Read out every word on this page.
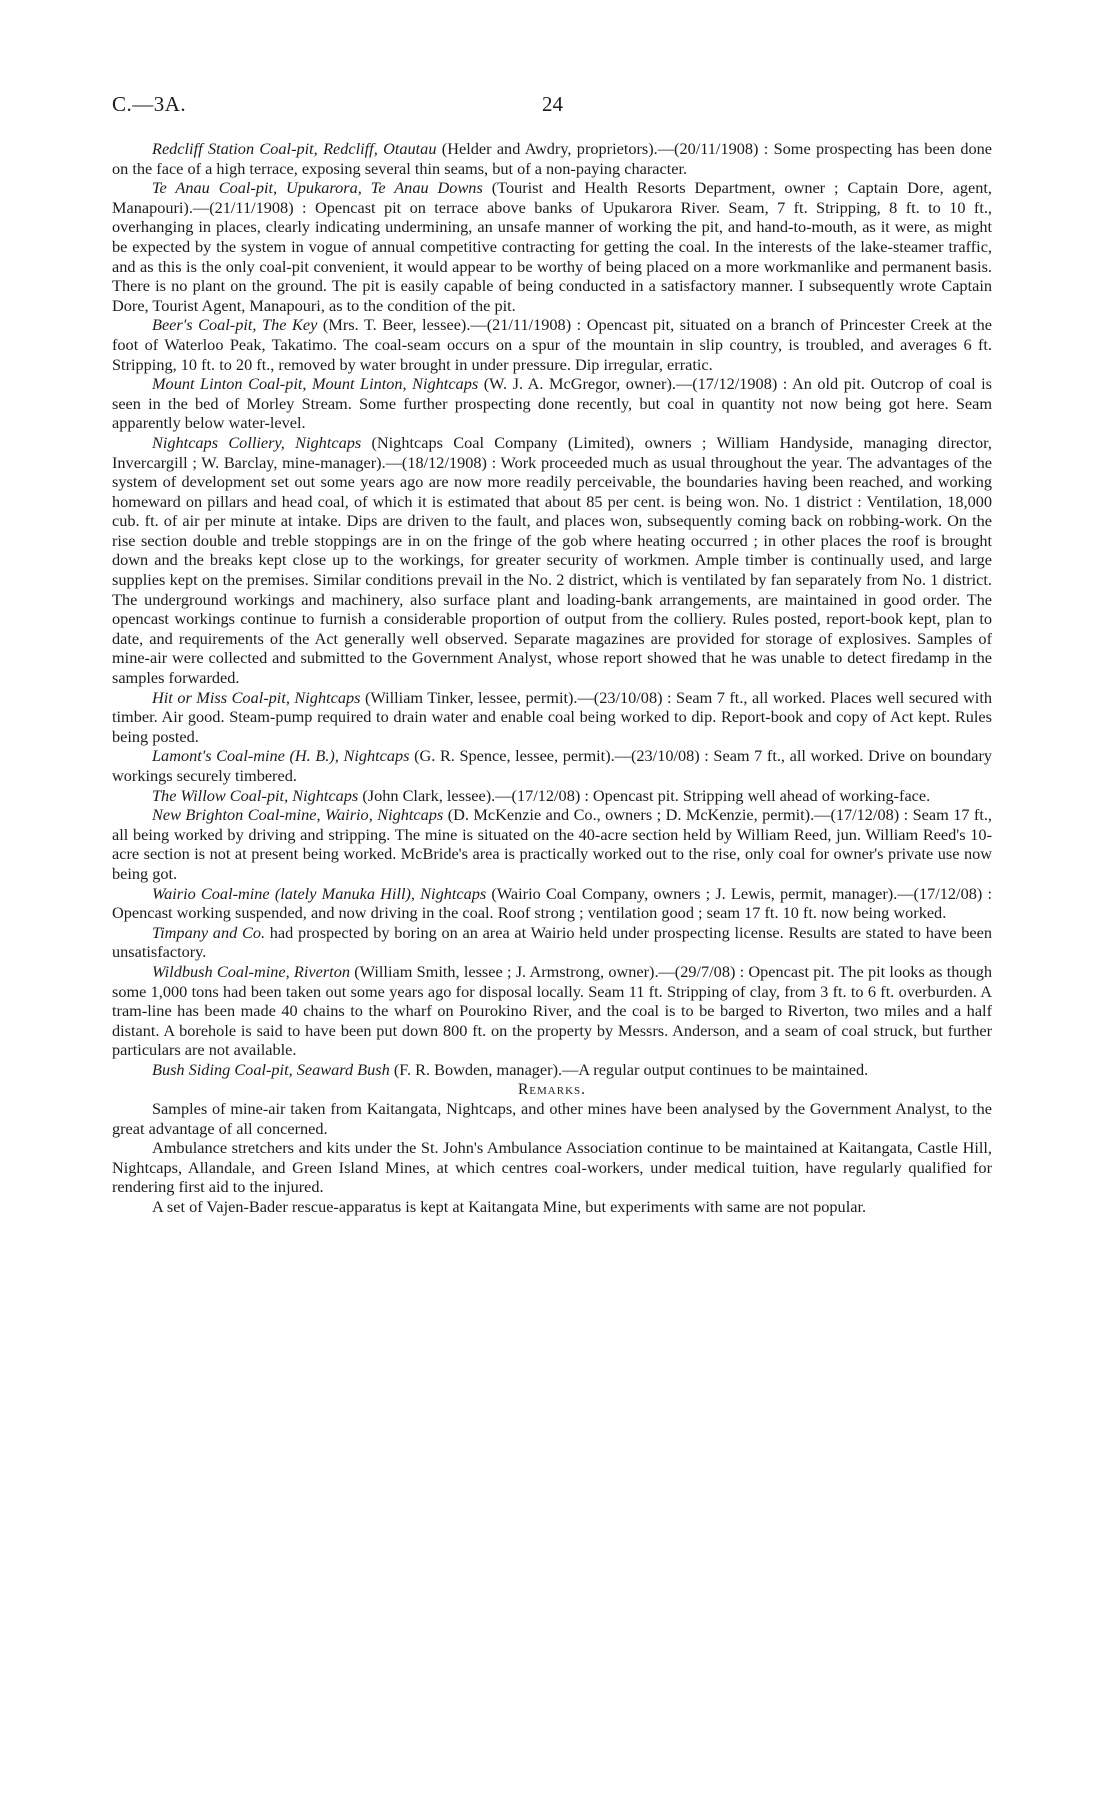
C.—3A.	24

Redcliff Station Coal-pit, Redcliff, Otautau (Helder and Awdry, proprietors).—(20/11/1908) : Some prospecting has been done on the face of a high terrace, exposing several thin seams, but of a non-paying character.

Te Anau Coal-pit, Upukarora, Te Anau Downs (Tourist and Health Resorts Department, owner ; Captain Dore, agent, Manapouri).—(21/11/1908) : Opencast pit on terrace above banks of Upukarora River. Seam, 7 ft. Stripping, 8 ft. to 10 ft., overhanging in places, clearly indicating undermining, an unsafe manner of working the pit, and hand-to-mouth, as it were, as might be expected by the system in vogue of annual competitive contracting for getting the coal. In the interests of the lake-steamer traffic, and as this is the only coal-pit convenient, it would appear to be worthy of being placed on a more workmanlike and permanent basis. There is no plant on the ground. The pit is easily capable of being conducted in a satisfactory manner. I subsequently wrote Captain Dore, Tourist Agent, Manapouri, as to the condition of the pit.

Beer's Coal-pit, The Key (Mrs. T. Beer, lessee).—(21/11/1908) : Opencast pit, situated on a branch of Princester Creek at the foot of Waterloo Peak, Takatimo. The coal-seam occurs on a spur of the mountain in slip country, is troubled, and averages 6 ft. Stripping, 10 ft. to 20 ft., removed by water brought in under pressure. Dip irregular, erratic.

Mount Linton Coal-pit, Mount Linton, Nightcaps (W. J. A. McGregor, owner).—(17/12/1908) : An old pit. Outcrop of coal is seen in the bed of Morley Stream. Some further prospecting done recently, but coal in quantity not now being got here. Seam apparently below water-level.

Nightcaps Colliery, Nightcaps (Nightcaps Coal Company (Limited), owners ; William Handyside, managing director, Invercargill ; W. Barclay, mine-manager).—(18/12/1908) : Work proceeded much as usual throughout the year. The advantages of the system of development set out some years ago are now more readily perceivable, the boundaries having been reached, and working homeward on pillars and head coal, of which it is estimated that about 85 per cent. is being won. No. 1 district : Ventilation, 18,000 cub. ft. of air per minute at intake. Dips are driven to the fault, and places won, subsequently coming back on robbing-work. On the rise section double and treble stoppings are in on the fringe of the gob where heating occurred ; in other places the roof is brought down and the breaks kept close up to the workings, for greater security of workmen. Ample timber is continually used, and large supplies kept on the premises. Similar conditions prevail in the No. 2 district, which is ventilated by fan separately from No. 1 district. The underground workings and machinery, also surface plant and loading-bank arrangements, are maintained in good order. The opencast workings continue to furnish a considerable proportion of output from the colliery. Rules posted, report-book kept, plan to date, and requirements of the Act generally well observed. Separate magazines are provided for storage of explosives. Samples of mine-air were collected and submitted to the Government Analyst, whose report showed that he was unable to detect firedamp in the samples forwarded.

Hit or Miss Coal-pit, Nightcaps (William Tinker, lessee, permit).—(23/10/08) : Seam 7 ft., all worked. Places well secured with timber. Air good. Steam-pump required to drain water and enable coal being worked to dip. Report-book and copy of Act kept. Rules being posted.

Lamont's Coal-mine (H. B.), Nightcaps (G. R. Spence, lessee, permit).—(23/10/08) : Seam 7 ft., all worked. Drive on boundary workings securely timbered.

The Willow Coal-pit, Nightcaps (John Clark, lessee).—(17/12/08) : Opencast pit. Stripping well ahead of working-face.

New Brighton Coal-mine, Wairio, Nightcaps (D. McKenzie and Co., owners ; D. McKenzie, permit).—(17/12/08) : Seam 17 ft., all being worked by driving and stripping. The mine is situated on the 40-acre section held by William Reed, jun. William Reed's 10-acre section is not at present being worked. McBride's area is practically worked out to the rise, only coal for owner's private use now being got.

Wairio Coal-mine (lately Manuka Hill), Nightcaps (Wairio Coal Company, owners ; J. Lewis, permit, manager).—(17/12/08) : Opencast working suspended, and now driving in the coal. Roof strong ; ventilation good ; seam 17 ft. 10 ft. now being worked.

Timpany and Co. had prospected by boring on an area at Wairio held under prospecting license. Results are stated to have been unsatisfactory.

Wildbush Coal-mine, Riverton (William Smith, lessee ; J. Armstrong, owner).—(29/7/08) : Opencast pit. The pit looks as though some 1,000 tons had been taken out some years ago for disposal locally. Seam 11 ft. Stripping of clay, from 3 ft. to 6 ft. overburden. A tram-line has been made 40 chains to the wharf on Pourokino River, and the coal is to be barged to Riverton, two miles and a half distant. A borehole is said to have been put down 800 ft. on the property by Messrs. Anderson, and a seam of coal struck, but further particulars are not available.

Bush Siding Coal-pit, Seaward Bush (F. R. Bowden, manager).—A regular output continues to be maintained.

Remarks.

Samples of mine-air taken from Kaitangata, Nightcaps, and other mines have been analysed by the Government Analyst, to the great advantage of all concerned.

Ambulance stretchers and kits under the St. John's Ambulance Association continue to be maintained at Kaitangata, Castle Hill, Nightcaps, Allandale, and Green Island Mines, at which centres coal-workers, under medical tuition, have regularly qualified for rendering first aid to the injured.

A set of Vajen-Bader rescue-apparatus is kept at Kaitangata Mine, but experiments with same are not popular.
